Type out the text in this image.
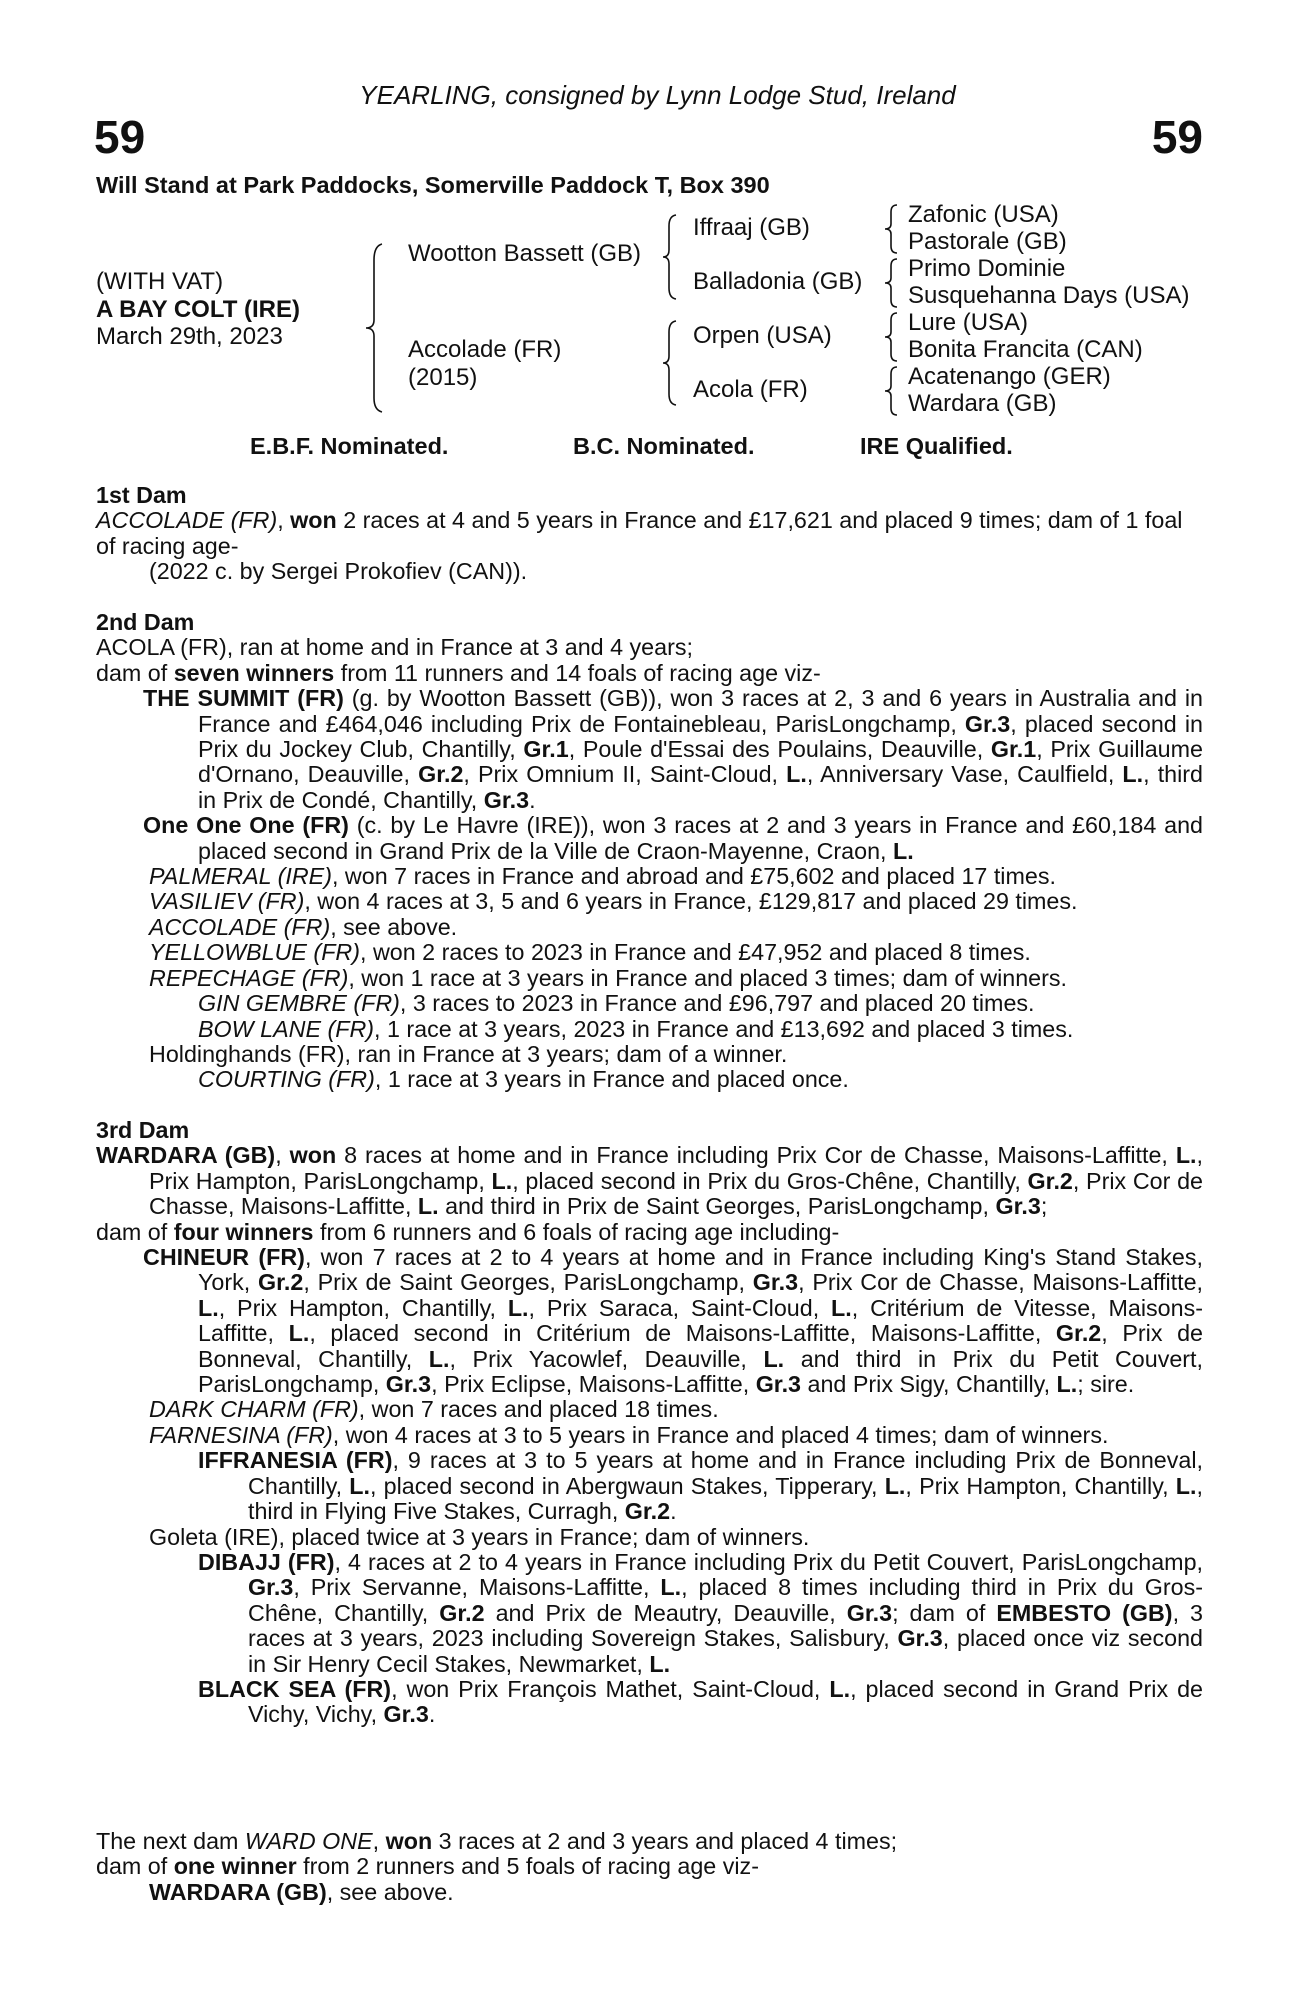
YEARLING, consigned by Lynn Lodge Stud, Ireland
59	59
Will Stand at Park Paddocks, Somerville Paddock T, Box 390
(WITH VAT)
A BAY COLT (IRE)
March 29th, 2023
Wootton Bassett (GB)
Accolade (FR)
(2015)
Iffraaj (GB)
Balladonia (GB)
Orpen (USA)
Acola (FR)
Zafonic (USA)
Pastorale (GB)
Primo Dominie
Susquehanna Days (USA)
Lure (USA)
Bonita Francita (CAN)
Acatenango (GER)
Wardara (GB)
E.B.F. Nominated.	B.C. Nominated.	IRE Qualified.

1st Dam

ACCOLADE (FR), won 2 races at 4 and 5 years in France and £17,621 and placed 9 times; dam of 1 foal of racing age-

(2022 c. by Sergei Prokofiev (CAN)).

2nd Dam

ACOLA (FR), ran at home and in France at 3 and 4 years;

dam of seven winners from 11 runners and 14 foals of racing age viz-

THE SUMMIT (FR) (g. by Wootton Bassett (GB)), won 3 races at 2, 3 and 6 years in Australia and in France and £464,046 including Prix de Fontainebleau, ParisLongchamp, Gr.3, placed second in Prix du Jockey Club, Chantilly, Gr.1, Poule d'Essai des Poulains, Deauville, Gr.1, Prix Guillaume d'Ornano, Deauville, Gr.2, Prix Omnium II, Saint-Cloud, L., Anniversary Vase, Caulfield, L., third in Prix de Condé, Chantilly, Gr.3.

One One One (FR) (c. by Le Havre (IRE)), won 3 races at 2 and 3 years in France and £60,184 and placed second in Grand Prix de la Ville de Craon-Mayenne, Craon, L.

PALMERAL (IRE), won 7 races in France and abroad and £75,602 and placed 17 times.

VASILIEV (FR), won 4 races at 3, 5 and 6 years in France, £129,817 and placed 29 times.

ACCOLADE (FR), see above.

YELLOWBLUE (FR), won 2 races to 2023 in France and £47,952 and placed 8 times.

REPECHAGE (FR), won 1 race at 3 years in France and placed 3 times; dam of winners.

GIN GEMBRE (FR), 3 races to 2023 in France and £96,797 and placed 20 times.

BOW LANE (FR), 1 race at 3 years, 2023 in France and £13,692 and placed 3 times.

Holdinghands (FR), ran in France at 3 years; dam of a winner.

COURTING (FR), 1 race at 3 years in France and placed once.

3rd Dam

WARDARA (GB), won 8 races at home and in France including Prix Cor de Chasse, Maisons-Laffitte, L., Prix Hampton, ParisLongchamp, L., placed second in Prix du Gros-Chêne, Chantilly, Gr.2, Prix Cor de Chasse, Maisons-Laffitte, L. and third in Prix de Saint Georges, ParisLongchamp, Gr.3;

dam of four winners from 6 runners and 6 foals of racing age including-

CHINEUR (FR), won 7 races at 2 to 4 years at home and in France including King's Stand Stakes, York, Gr.2, Prix de Saint Georges, ParisLongchamp, Gr.3, Prix Cor de Chasse, Maisons-Laffitte, L., Prix Hampton, Chantilly, L., Prix Saraca, Saint-Cloud, L., Critérium de Vitesse, Maisons-Laffitte, L., placed second in Critérium de Maisons-Laffitte, Maisons-Laffitte, Gr.2, Prix de Bonneval, Chantilly, L., Prix Yacowlef, Deauville, L. and third in Prix du Petit Couvert, ParisLongchamp, Gr.3, Prix Eclipse, Maisons-Laffitte, Gr.3 and Prix Sigy, Chantilly, L.; sire.

DARK CHARM (FR), won 7 races and placed 18 times.

FARNESINA (FR), won 4 races at 3 to 5 years in France and placed 4 times; dam of winners.

IFFRANESIA (FR), 9 races at 3 to 5 years at home and in France including Prix de Bonneval, Chantilly, L., placed second in Abergwaun Stakes, Tipperary, L., Prix Hampton, Chantilly, L., third in Flying Five Stakes, Curragh, Gr.2.

Goleta (IRE), placed twice at 3 years in France; dam of winners.

DIBAJJ (FR), 4 races at 2 to 4 years in France including Prix du Petit Couvert, ParisLongchamp, Gr.3, Prix Servanne, Maisons-Laffitte, L., placed 8 times including third in Prix du Gros-Chêne, Chantilly, Gr.2 and Prix de Meautry, Deauville, Gr.3; dam of EMBESTO (GB), 3 races at 3 years, 2023 including Sovereign Stakes, Salisbury, Gr.3, placed once viz second in Sir Henry Cecil Stakes, Newmarket, L.

BLACK SEA (FR), won Prix François Mathet, Saint-Cloud, L., placed second in Grand Prix de Vichy, Vichy, Gr.3.

The next dam WARD ONE, won 3 races at 2 and 3 years and placed 4 times;

dam of one winner from 2 runners and 5 foals of racing age viz-

WARDARA (GB), see above.
